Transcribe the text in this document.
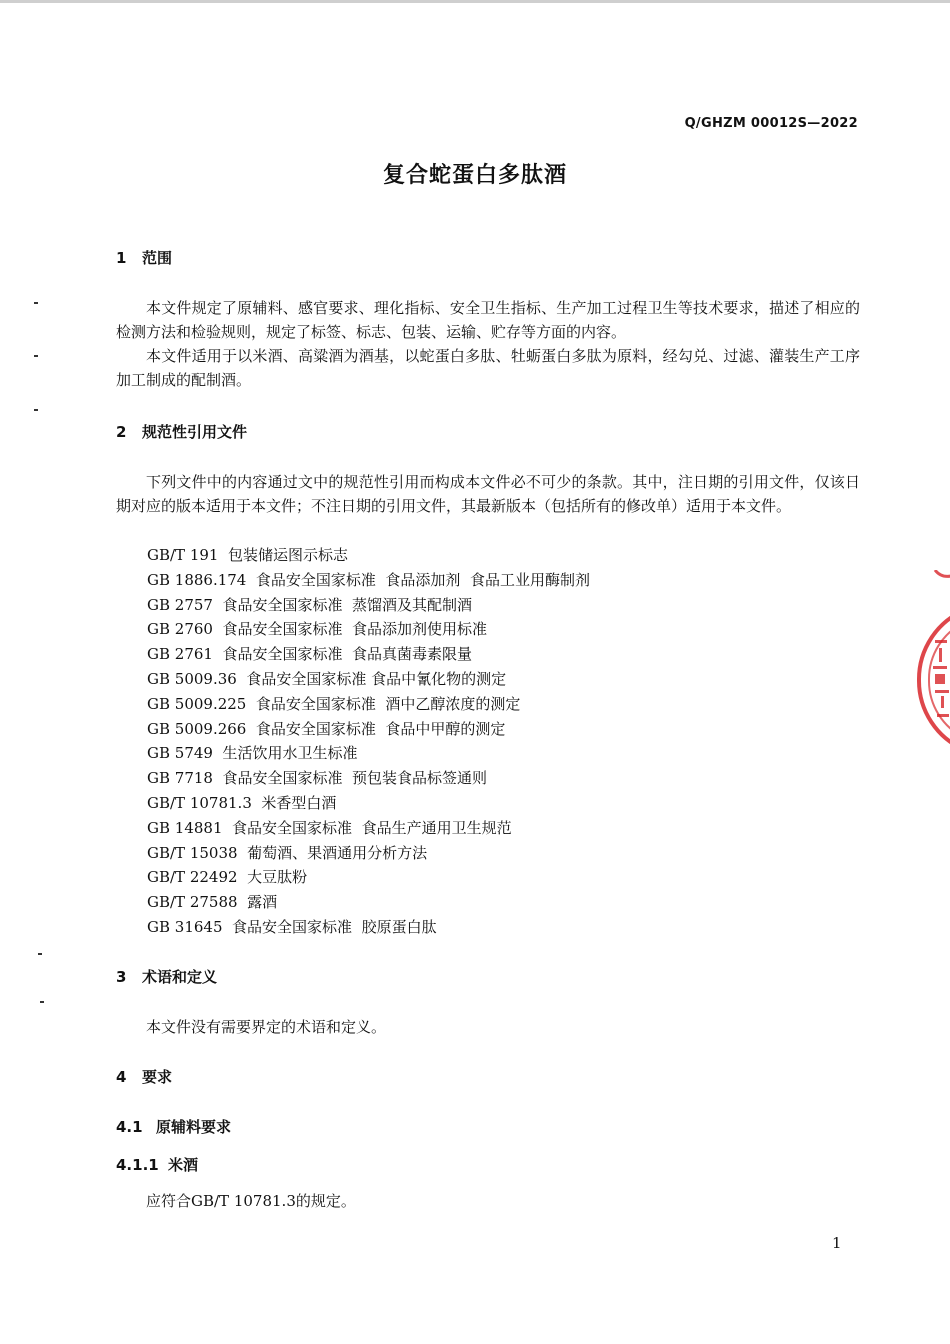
Q/GHZM 00012S—2022
复合蛇蛋白多肽酒
1 范围

本文件规定了原辅料、感官要求、理化指标、安全卫生指标、生产加工过程卫生等技术要求，描述了相应的检测方法和检验规则，规定了标签、标志、包装、运输、贮存等方面的内容。

本文件适用于以米酒、高粱酒为酒基，以蛇蛋白多肽、牡蛎蛋白多肽为原料，经勾兑、过滤、灌装生产工序加工制成的配制酒。

2 规范性引用文件

下列文件中的内容通过文中的规范性引用而构成本文件必不可少的条款。其中，注日期的引用文件，仅该日期对应的版本适用于本文件；不注日期的引用文件，其最新版本（包括所有的修改单）适用于本文件。

GB/T 191  包装储运图示标志
GB 1886.174  食品安全国家标准  食品添加剂  食品工业用酶制剂
GB 2757  食品安全国家标准  蒸馏酒及其配制酒
GB 2760  食品安全国家标准  食品添加剂使用标准
GB 2761  食品安全国家标准  食品真菌毒素限量
GB 5009.36  食品安全国家标准 食品中氰化物的测定
GB 5009.225  食品安全国家标准  酒中乙醇浓度的测定
GB 5009.266  食品安全国家标准  食品中甲醇的测定
GB 5749  生活饮用水卫生标准
GB 7718  食品安全国家标准  预包装食品标签通则
GB/T 10781.3  米香型白酒
GB 14881  食品安全国家标准  食品生产通用卫生规范
GB/T 15038  葡萄酒、果酒通用分析方法
GB/T 22492  大豆肽粉
GB/T 27588  露酒
GB 31645  食品安全国家标准  胶原蛋白肽
3 术语和定义

本文件没有需要界定的术语和定义。

4 要求
4.1 原辅料要求
4.1.1 米酒

应符合GB/T 10781.3的规定。

1
